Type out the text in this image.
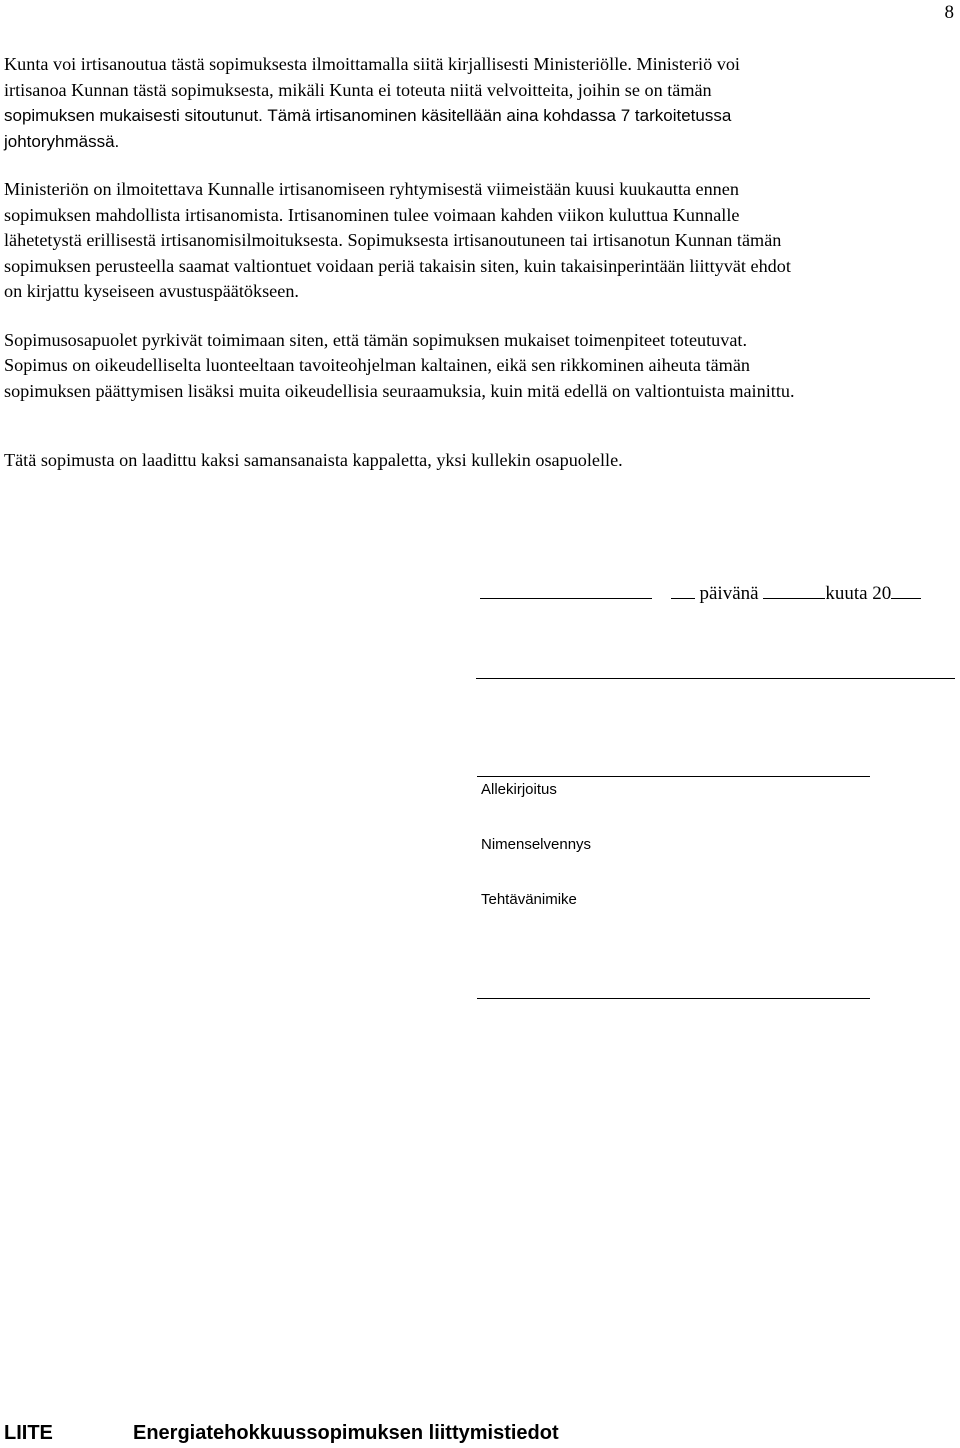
8

Kunta voi irtisanoutua tästä sopimuksesta ilmoittamalla siitä kirjallisesti Ministeriölle. Ministeriö voi
irtisanoa Kunnan tästä sopimuksesta, mikäli Kunta ei toteuta niitä velvoitteita, joihin se on tämän
sopimuksen mukaisesti sitoutunut. Tämä irtisanominen käsitellään aina kohdassa 7 tarkoitetussa
johtoryhmässä.

Ministeriön on ilmoitettava Kunnalle irtisanomiseen ryhtymisestä viimeistään kuusi kuukautta ennen
sopimuksen mahdollista irtisanomista. Irtisanominen tulee voimaan kahden viikon kuluttua Kunnalle
lähetetystä erillisestä irtisanomisilmoituksesta. Sopimuksesta irtisanoutuneen tai irtisanotun Kunnan tämän
sopimuksen perusteella saamat valtiontuet voidaan periä takaisin siten, kuin takaisinperintään liittyvät ehdot
on kirjattu kyseiseen avustuspäätökseen.

Sopimusosapuolet pyrkivät toimimaan siten, että tämän sopimuksen mukaiset toimenpiteet toteutuvat.
Sopimus on oikeudelliselta luonteeltaan tavoiteohjelman kaltainen, eikä sen rikkominen aiheuta tämän
sopimuksen päättymisen lisäksi muita oikeudellisia seuraamuksia, kuin mitä edellä on valtiontuista mainittu.

Tätä sopimusta on laadittu kaksi samansanaista kappaletta, yksi kullekin osapuolelle.

päivänä	kuuta 20
Allekirjoitus
Nimenselvennys
Tehtävänimike
LIITE	Energiatehokkuussopimuksen liittymistiedot
